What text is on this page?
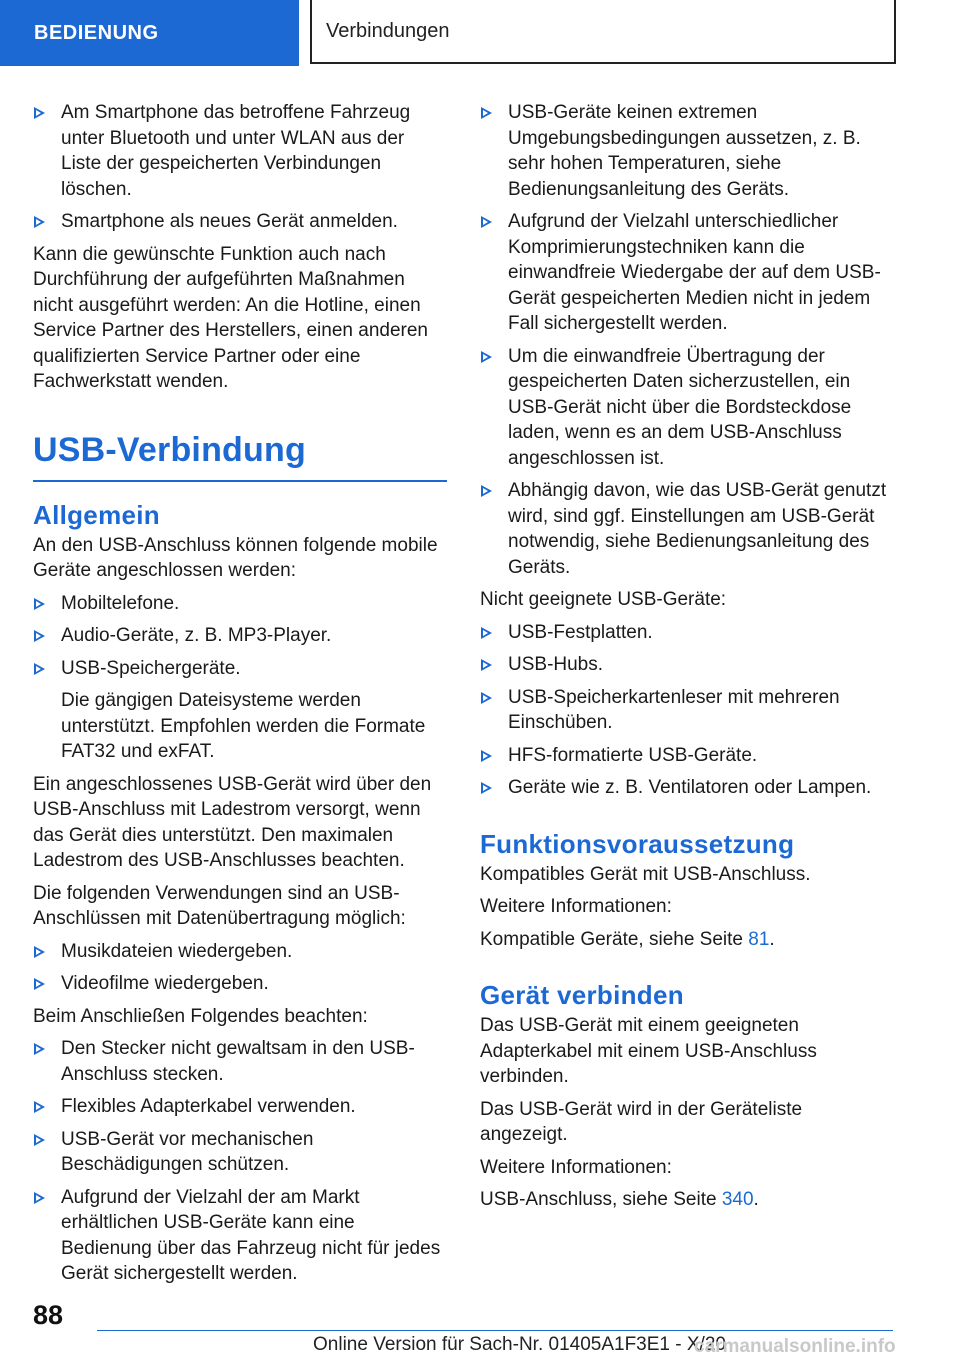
BEDIENUNG	Verbindungen
Am Smartphone das betroffene Fahrzeug unter Bluetooth und unter WLAN aus der Liste der gespeicherten Verbindungen löschen.
Smartphone als neues Gerät anmelden.

Kann die gewünschte Funktion auch nach Durchführung der aufgeführten Maßnahmen nicht ausgeführt werden: An die Hotline, einen Service Partner des Herstellers, einen anderen qualifizierten Service Partner oder eine Fachwerkstatt wenden.

USB-Verbindung
Allgemein

An den USB-Anschluss können folgende mobile Geräte angeschlossen werden:

Mobiltelefone.
Audio-Geräte, z. B. MP3-Player.
USB-Speichergeräte.
Die gängigen Dateisysteme werden unterstützt. Empfohlen werden die Formate FAT32 und exFAT.

Ein angeschlossenes USB-Gerät wird über den USB-Anschluss mit Ladestrom versorgt, wenn das Gerät dies unterstützt. Den maximalen Ladestrom des USB-Anschlusses beachten.

Die folgenden Verwendungen sind an USB-Anschlüssen mit Datenübertragung möglich:

Musikdateien wiedergeben.
Videofilme wiedergeben.

Beim Anschließen Folgendes beachten:

Den Stecker nicht gewaltsam in den USB-Anschluss stecken.
Flexibles Adapterkabel verwenden.
USB-Gerät vor mechanischen Beschädigungen schützen.
Aufgrund der Vielzahl der am Markt erhältlichen USB-Geräte kann eine Bedienung über das Fahrzeug nicht für jedes Gerät sichergestellt werden.
USB-Geräte keinen extremen Umgebungsbedingungen aussetzen, z. B. sehr hohen Temperaturen, siehe Bedienungsanleitung des Geräts.
Aufgrund der Vielzahl unterschiedlicher Komprimierungstechniken kann die einwandfreie Wiedergabe der auf dem USB-Gerät gespeicherten Medien nicht in jedem Fall sichergestellt werden.
Um die einwandfreie Übertragung der gespeicherten Daten sicherzustellen, ein USB-Gerät nicht über die Bordsteckdose laden, wenn es an dem USB-Anschluss angeschlossen ist.
Abhängig davon, wie das USB-Gerät genutzt wird, sind ggf. Einstellungen am USB-Gerät notwendig, siehe Bedienungsanleitung des Geräts.

Nicht geeignete USB-Geräte:

USB-Festplatten.
USB-Hubs.
USB-Speicherkartenleser mit mehreren Einschüben.
HFS-formatierte USB-Geräte.
Geräte wie z. B. Ventilatoren oder Lampen.
Funktionsvoraussetzung

Kompatibles Gerät mit USB-Anschluss.

Weitere Informationen:

Kompatible Geräte, siehe Seite 81.

Gerät verbinden

Das USB-Gerät mit einem geeigneten Adapterkabel mit einem USB-Anschluss verbinden.

Das USB-Gerät wird in der Geräteliste angezeigt.

Weitere Informationen:

USB-Anschluss, siehe Seite 340.

88
Online Version für Sach-Nr. 01405A1F3E1 - X/20
carmanualsonline.info
